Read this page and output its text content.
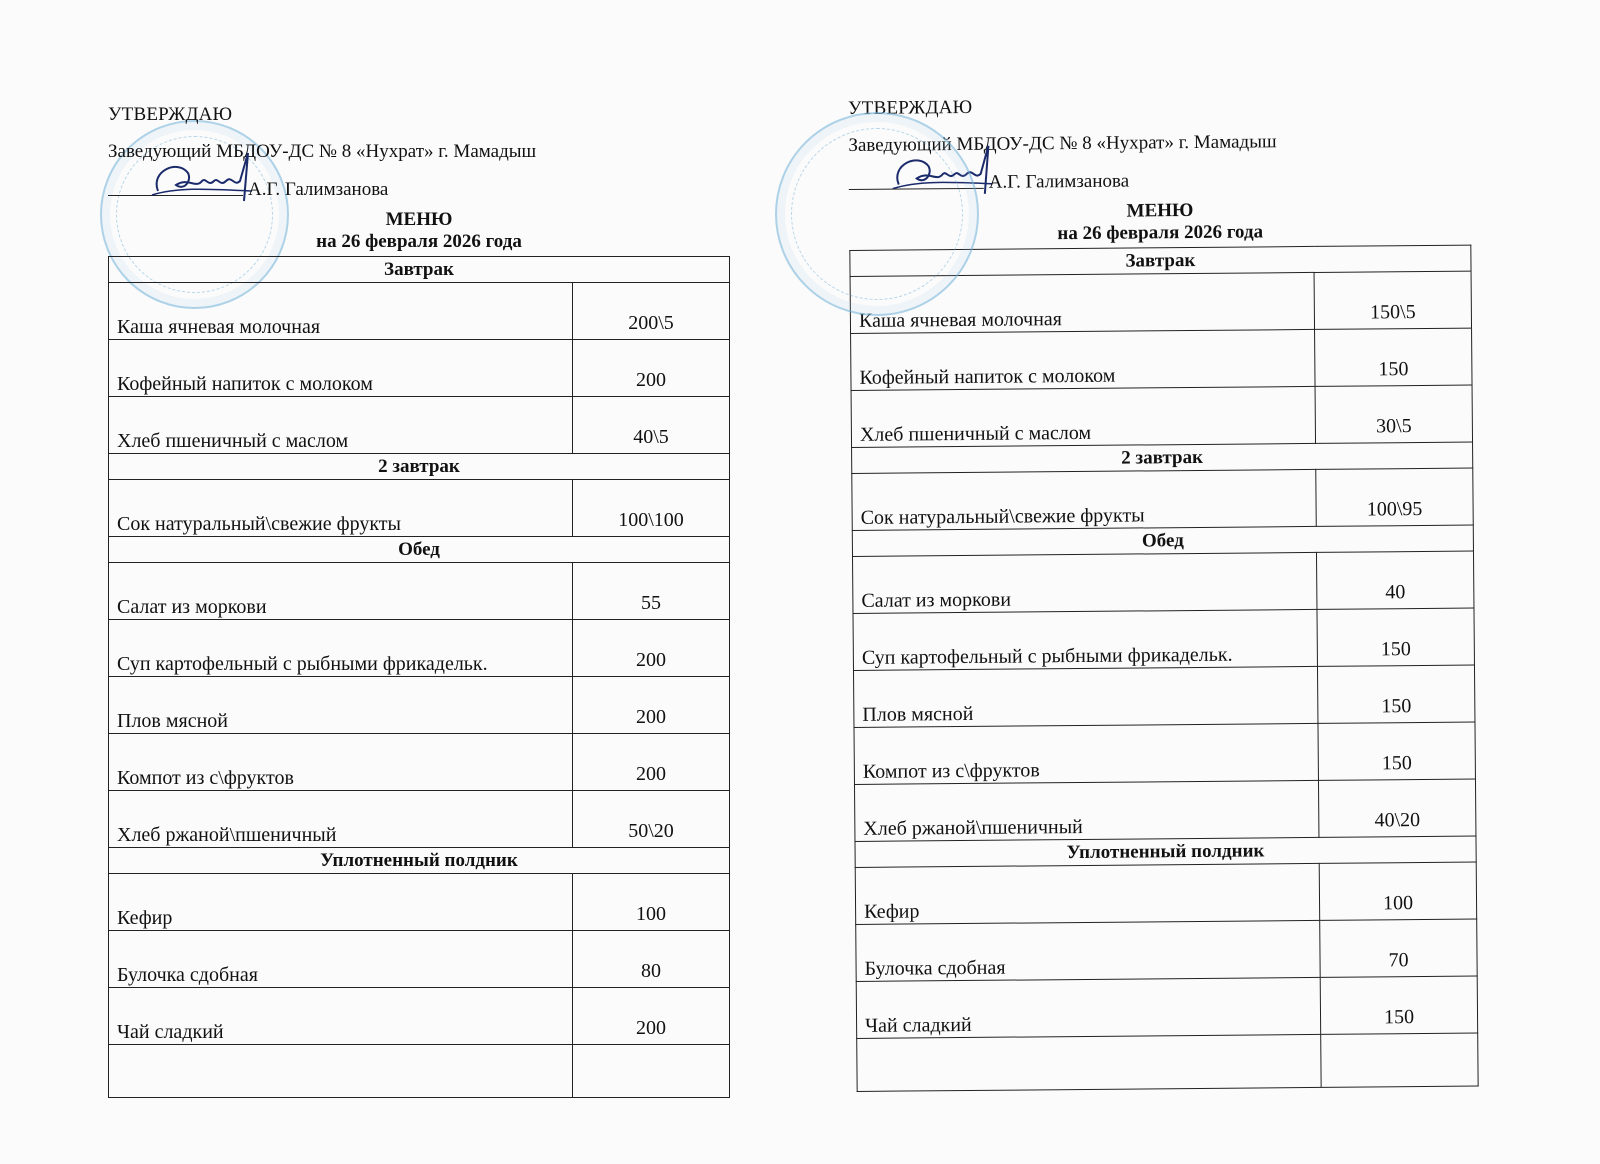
УТВЕРЖДАЮ
Заведующий МБДОУ-ДС № 8 «Нухрат» г. Мамадыш
А.Г. Галимзанова
МЕНЮ
на 26 февраля 2026 года
Завтрак	
Каша ячневая молочная	200\5
Кофейный напиток с молоком	200
Хлеб пшеничный с маслом	40\5
2 завтрак	
Сок натуральный\свежие фрукты	100\100
Обед	
Салат из моркови	55
Суп картофельный с рыбными фрикадельк.	200
Плов мясной	200
Компот из с\фруктов	200
Хлеб ржаной\пшеничный	50\20
Уплотненный полдник	
Кефир	100
Булочка сдобная	80
Чай сладкий	200

УТВЕРЖДАЮ
Заведующий МБДОУ-ДС № 8 «Нухрат» г. Мамадыш
А.Г. Галимзанова
МЕНЮ
на 26 февраля 2026 года
Завтрак	
Каша ячневая молочная	150\5
Кофейный напиток с молоком	150
Хлеб пшеничный с маслом	30\5
2 завтрак	
Сок натуральный\свежие фрукты	100\95
Обед	
Салат из моркови	40
Суп картофельный с рыбными фрикадельк.	150
Плов мясной	150
Компот из с\фруктов	150
Хлеб ржаной\пшеничный	40\20
Уплотненный полдник	
Кефир	100
Булочка сдобная	70
Чай сладкий	150
